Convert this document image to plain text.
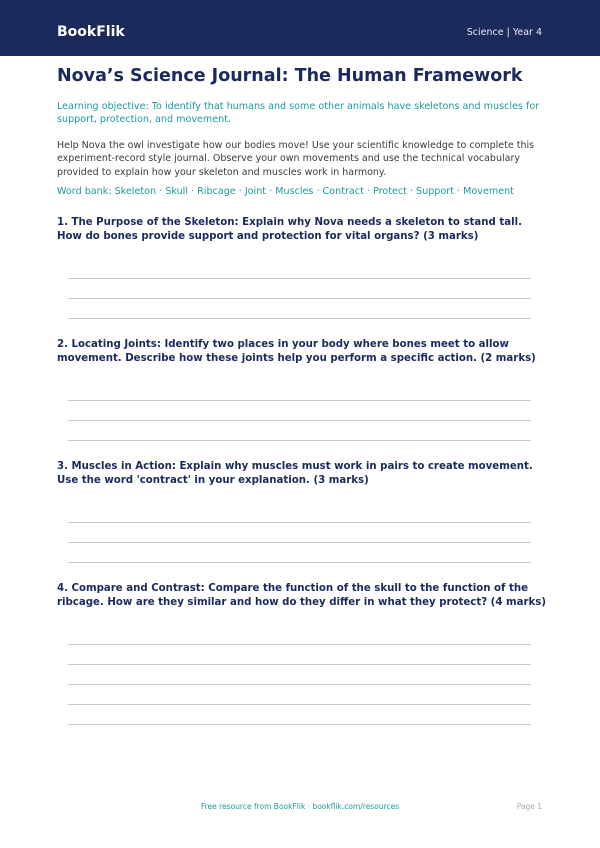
BookFlik	Science | Year 4
Nova’s Science Journal: The Human Framework

Learning objective: To identify that humans and some other animals have skeletons and muscles for support, protection, and movement.

Help Nova the owl investigate how our bodies move! Use your scientific knowledge to complete this experiment-record style journal. Observe your own movements and use the technical vocabulary provided to explain how your skeleton and muscles work in harmony.

Word bank: Skeleton · Skull · Ribcage · Joint · Muscles · Contract · Protect · Support · Movement

1. The Purpose of the Skeleton: Explain why Nova needs a skeleton to stand tall. How do bones provide support and protection for vital organs? (3 marks)

2. Locating Joints: Identify two places in your body where bones meet to allow movement. Describe how these joints help you perform a specific action. (2 marks)

3. Muscles in Action: Explain why muscles must work in pairs to create movement. Use the word 'contract' in your explanation. (3 marks)

4. Compare and Contrast: Compare the function of the skull to the function of the ribcage. How are they similar and how do they differ in what they protect? (4 marks)

Free resource from BookFlik · bookflik.com/resources	Page 1
